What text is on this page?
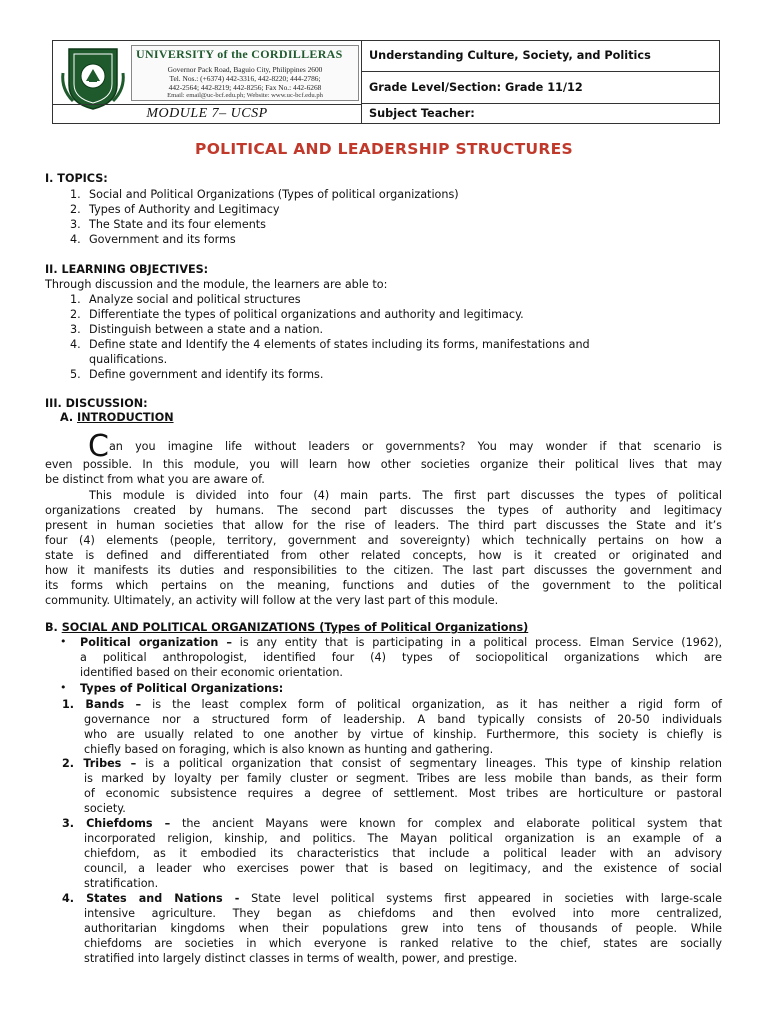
UNIVERSITY of the CORDILLERAS
Governor Pack Road, Baguio City, Philippines 2600
Tel. Nos.: (+6374) 442-3316, 442-8220; 444-2786;
442-2564; 442-8219; 442-8256; Fax No.: 442-6268
Email: email@uc-bcf.edu.ph; Website: www.uc-bcf.edu.ph
MODULE 7– UCSP
Understanding Culture, Society, and Politics
Grade Level/Section: Grade 11/12
Subject Teacher:
POLITICAL AND LEADERSHIP STRUCTURES
I. TOPICS:
1. Social and Political Organizations (Types of political organizations)
2. Types of Authority and Legitimacy
3. The State and its four elements
4. Government and its forms
II. LEARNING OBJECTIVES:
Through discussion and the module, the learners are able to:
1. Analyze social and political structures
2. Differentiate the types of political organizations and authority and legitimacy.
3. Distinguish between a state and a nation.
4. Define state and Identify the 4 elements of states including its forms, manifestations and
qualifications.
5. Define government and identify its forms.
III. DISCUSSION:
A. INTRODUCTION
Can you imagine life without leaders or governments? You may wonder if that scenario is
even possible. In this module, you will learn how other societies organize their political lives that may
be distinct from what you are aware of.
This module is divided into four (4) main parts. The first part discusses the types of political
organizations created by humans. The second part discusses the types of authority and legitimacy
present in human societies that allow for the rise of leaders. The third part discusses the State and it’s
four (4) elements (people, territory, government and sovereignty) which technically pertains on how a
state is defined and differentiated from other related concepts, how is it created or originated and
how it manifests its duties and responsibilities to the citizen. The last part discusses the government and
its forms which pertains on the meaning, functions and duties of the government to the political
community. Ultimately, an activity will follow at the very last part of this module.
B. SOCIAL AND POLITICAL ORGANIZATIONS (Types of Political Organizations)
• Political organization – is any entity that is participating in a political process. Elman Service (1962),
a political anthropologist, identified four (4) types of sociopolitical organizations which are
identified based on their economic orientation.
• Types of Political Organizations:
1. Bands – is the least complex form of political organization, as it has neither a rigid form of
governance nor a structured form of leadership. A band typically consists of 20-50 individuals
who are usually related to one another by virtue of kinship. Furthermore, this society is chiefly is
chiefly based on foraging, which is also known as hunting and gathering.
2. Tribes – is a political organization that consist of segmentary lineages. This type of kinship relation
is marked by loyalty per family cluster or segment. Tribes are less mobile than bands, as their form
of economic subsistence requires a degree of settlement. Most tribes are horticulture or pastoral
society.
3. Chiefdoms – the ancient Mayans were known for complex and elaborate political system that
incorporated religion, kinship, and politics. The Mayan political organization is an example of a
chiefdom, as it embodied its characteristics that include a political leader with an advisory
council, a leader who exercises power that is based on legitimacy, and the existence of social
stratification.
4. States and Nations - State level political systems first appeared in societies with large-scale
intensive agriculture. They began as chiefdoms and then evolved into more centralized,
authoritarian kingdoms when their populations grew into tens of thousands of people. While
chiefdoms are societies in which everyone is ranked relative to the chief, states are socially
stratified into largely distinct classes in terms of wealth, power, and prestige.
